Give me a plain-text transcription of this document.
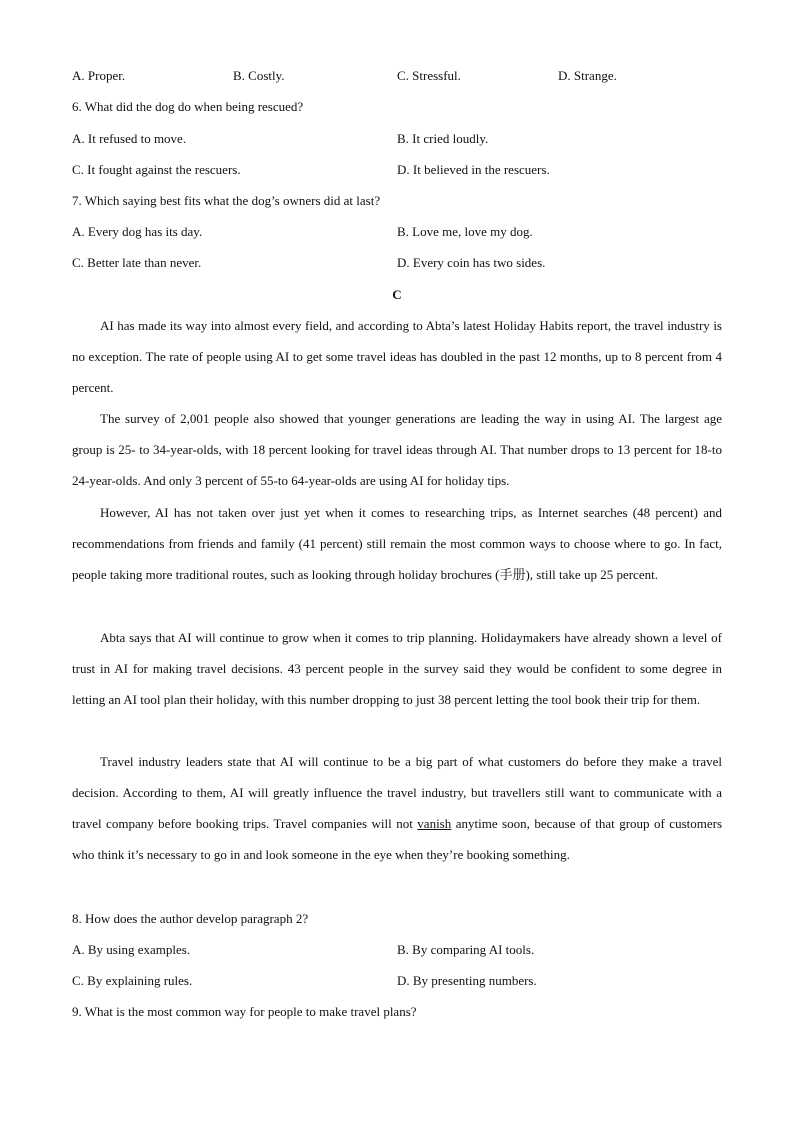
A. Proper.	B. Costly.	C. Stressful.	D. Strange.
6. What did the dog do when being rescued?
A. It refused to move.	B. It cried loudly.
C. It fought against the rescuers.	D. It believed in the rescuers.
7. Which saying best fits what the dog’s owners did at last?
A. Every dog has its day.	B. Love me, love my dog.
C. Better late than never.	D. Every coin has two sides.
C
AI has made its way into almost every field, and according to Abta’s latest Holiday Habits report, the travel industry is no exception. The rate of people using AI to get some travel ideas has doubled in the past 12 months, up to 8 percent from 4 percent.
The survey of 2,001 people also showed that younger generations are leading the way in using AI. The largest age group is 25- to 34-year-olds, with 18 percent looking for travel ideas through AI. That number drops to 13 percent for 18-to 24-year-olds. And only 3 percent of 55-to 64-year-olds are using AI for holiday tips.
However, AI has not taken over just yet when it comes to researching trips, as Internet searches (48 percent) and recommendations from friends and family (41 percent) still remain the most common ways to choose where to go. In fact, people taking more traditional routes, such as looking through holiday brochures (手册), still take up 25 percent.
Abta says that AI will continue to grow when it comes to trip planning. Holidaymakers have already shown a level of trust in AI for making travel decisions. 43 percent people in the survey said they would be confident to some degree in letting an AI tool plan their holiday, with this number dropping to just 38 percent letting the tool book their trip for them.
Travel industry leaders state that AI will continue to be a big part of what customers do before they make a travel decision. According to them, AI will greatly influence the travel industry, but travellers still want to communicate with a travel company before booking trips. Travel companies will not vanish anytime soon, because of that group of customers who think it’s necessary to go in and look someone in the eye when they’re booking something.
8. How does the author develop paragraph 2?
A. By using examples.	B. By comparing AI tools.
C. By explaining rules.	D. By presenting numbers.
9. What is the most common way for people to make travel plans?
